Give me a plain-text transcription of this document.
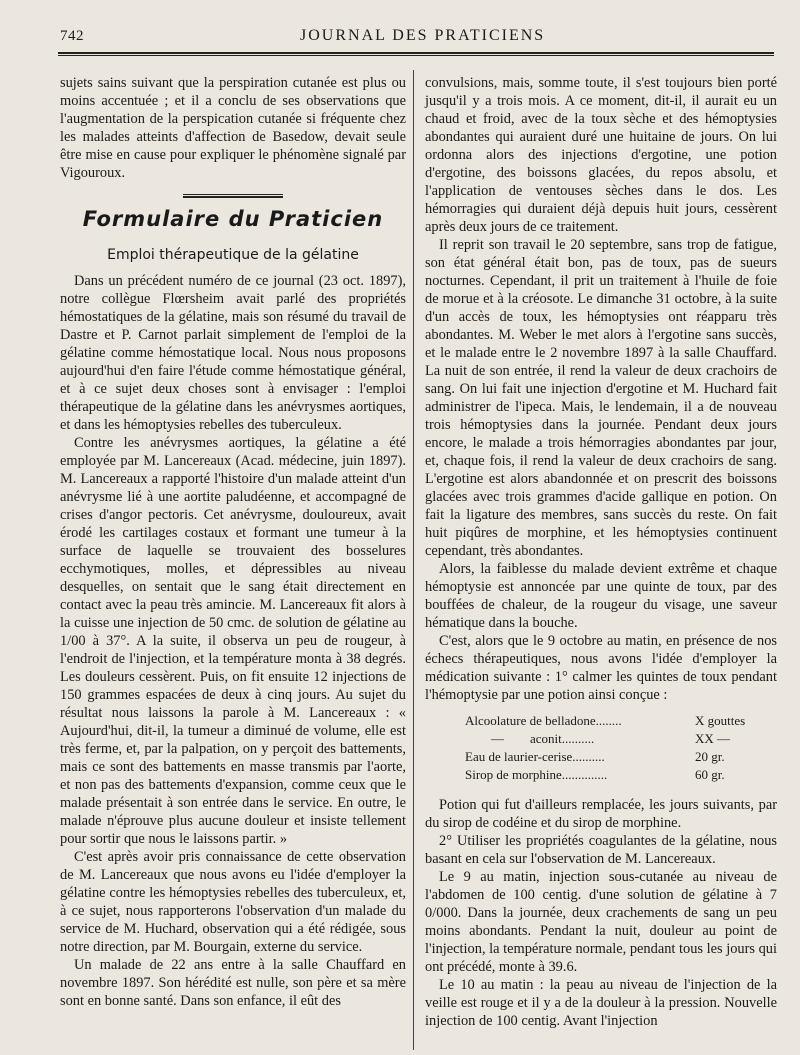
742	JOURNAL DES PRATICIENS

sujets sains suivant que la perspiration cutanée est plus ou moins accentuée ; et il a conclu de ses observations que l'augmentation de la perspication cutanée si fréquente chez les malades atteints d'affection de Basedow, devait seule être mise en cause pour expliquer le phénomène signalé par Vigouroux.

Formulaire du Praticien
Emploi thérapeutique de la gélatine

Dans un précédent numéro de ce journal (23 oct. 1897), notre collègue Flœrsheim avait parlé des propriétés hémostatiques de la gélatine, mais son résumé du travail de Dastre et P. Carnot parlait simplement de l'emploi de la gélatine comme hémostatique local. Nous nous proposons aujourd'hui d'en faire l'étude comme hémostatique général, et à ce sujet deux choses sont à envisager : l'emploi thérapeutique de la gélatine dans les anévrysmes aortiques, et dans les hémoptysies rebelles des tuberculeux.

Contre les anévrysmes aortiques, la gélatine a été employée par M. Lancereaux (Acad. médecine, juin 1897). M. Lancereaux a rapporté l'histoire d'un malade atteint d'un anévrysme lié à une aortite paludéenne, et accompagné de crises d'angor pectoris. Cet anévrysme, douloureux, avait érodé les cartilages costaux et formant une tumeur à la surface de laquelle se trouvaient des bosselures ecchymotiques, molles, et dépressibles au niveau desquelles, on sentait que le sang était directement en contact avec la peau très amincie. M. Lancereaux fit alors à la cuisse une injection de 50 cmc. de solution de gélatine au 1/00 à 37°. A la suite, il observa un peu de rougeur, à l'endroit de l'injection, et la température monta à 38 degrés. Les douleurs cessèrent. Puis, on fit ensuite 12 injections de 150 grammes espacées de deux à cinq jours. Au sujet du résultat nous laissons la parole à M. Lancereaux : « Aujourd'hui, dit-il, la tumeur a diminué de volume, elle est très ferme, et, par la palpation, on y perçoit des battements, mais ce sont des battements en masse transmis par l'aorte, et non pas des battements d'expansion, comme ceux que le malade présentait à son entrée dans le service. En outre, le malade n'éprouve plus aucune douleur et insiste tellement pour sortir que nous le laissons partir. »

C'est après avoir pris connaissance de cette observation de M. Lancereaux que nous avons eu l'idée d'employer la gélatine contre les hémoptysies rebelles des tuberculeux, et, à ce sujet, nous rapporterons l'observation d'un malade du service de M. Huchard, observation qui a été rédigée, sous notre direction, par M. Bourgain, externe du service.

Un malade de 22 ans entre à la salle Chauffard en novembre 1897. Son hérédité est nulle, son père et sa mère sont en bonne santé. Dans son enfance, il eût des

convulsions, mais, somme toute, il s'est toujours bien porté jusqu'il y a trois mois. A ce moment, dit-il, il aurait eu un chaud et froid, avec de la toux sèche et des hémoptysies abondantes qui auraient duré une huitaine de jours. On lui ordonna alors des injections d'ergotine, une potion d'ergotine, des boissons glacées, du repos absolu, et l'application de ventouses sèches dans le dos. Les hémorragies qui duraient déjà depuis huit jours, cessèrent après deux jours de ce traitement.

Il reprit son travail le 20 septembre, sans trop de fatigue, son état général était bon, pas de toux, pas de sueurs nocturnes. Cependant, il prit un traitement à l'huile de foie de morue et à la créosote. Le dimanche 31 octobre, à la suite d'un accès de toux, les hémoptysies ont réapparu très abondantes. M. Weber le met alors à l'ergotine sans succès, et le malade entre le 2 novembre 1897 à la salle Chauffard. La nuit de son entrée, il rend la valeur de deux crachoirs de sang. On lui fait une injection d'ergotine et M. Huchard fait administrer de l'ipeca. Mais, le lendemain, il a de nouveau trois hémoptysies dans la journée. Pendant deux jours encore, le malade a trois hémorragies abondantes par jour, et, chaque fois, il rend la valeur de deux crachoirs de sang. L'ergotine est alors abandonnée et on prescrit des boissons glacées avec trois grammes d'acide gallique en potion. On fait la ligature des membres, sans succès du reste. On fait huit piqûres de morphine, et les hémoptysies continuent cependant, très abondantes.

Alors, la faiblesse du malade devient extrême et chaque hémoptysie est annoncée par une quinte de toux, par des bouffées de chaleur, de la rougeur du visage, une saveur hématique dans la bouche.

C'est, alors que le 9 octobre au matin, en présence de nos échecs thérapeutiques, nous avons l'idée d'employer la médication suivante : 1° calmer les quintes de toux pendant l'hémoptysie par une potion ainsi conçue :

Alcoolature de belladone........	X gouttes
—        aconit..........	XX —
Eau de laurier-cerise..........	20 gr.
Sirop de morphine..............	60 gr.

Potion qui fut d'ailleurs remplacée, les jours suivants, par du sirop de codéine et du sirop de morphine.

2° Utiliser les propriétés coagulantes de la gélatine, nous basant en cela sur l'observation de M. Lancereaux.

Le 9 au matin, injection sous-cutanée au niveau de l'abdomen de 100 centig. d'une solution de gélatine à 7 0/000. Dans la journée, deux crachements de sang un peu moins abondants. Pendant la nuit, douleur au point de l'injection, la température normale, pendant tous les jours qui ont précédé, monte à 39.6.

Le 10 au matin : la peau au niveau de l'injection de la veille est rouge et il y a de la douleur à la pression. Nouvelle injection de 100 centig. Avant l'injection
